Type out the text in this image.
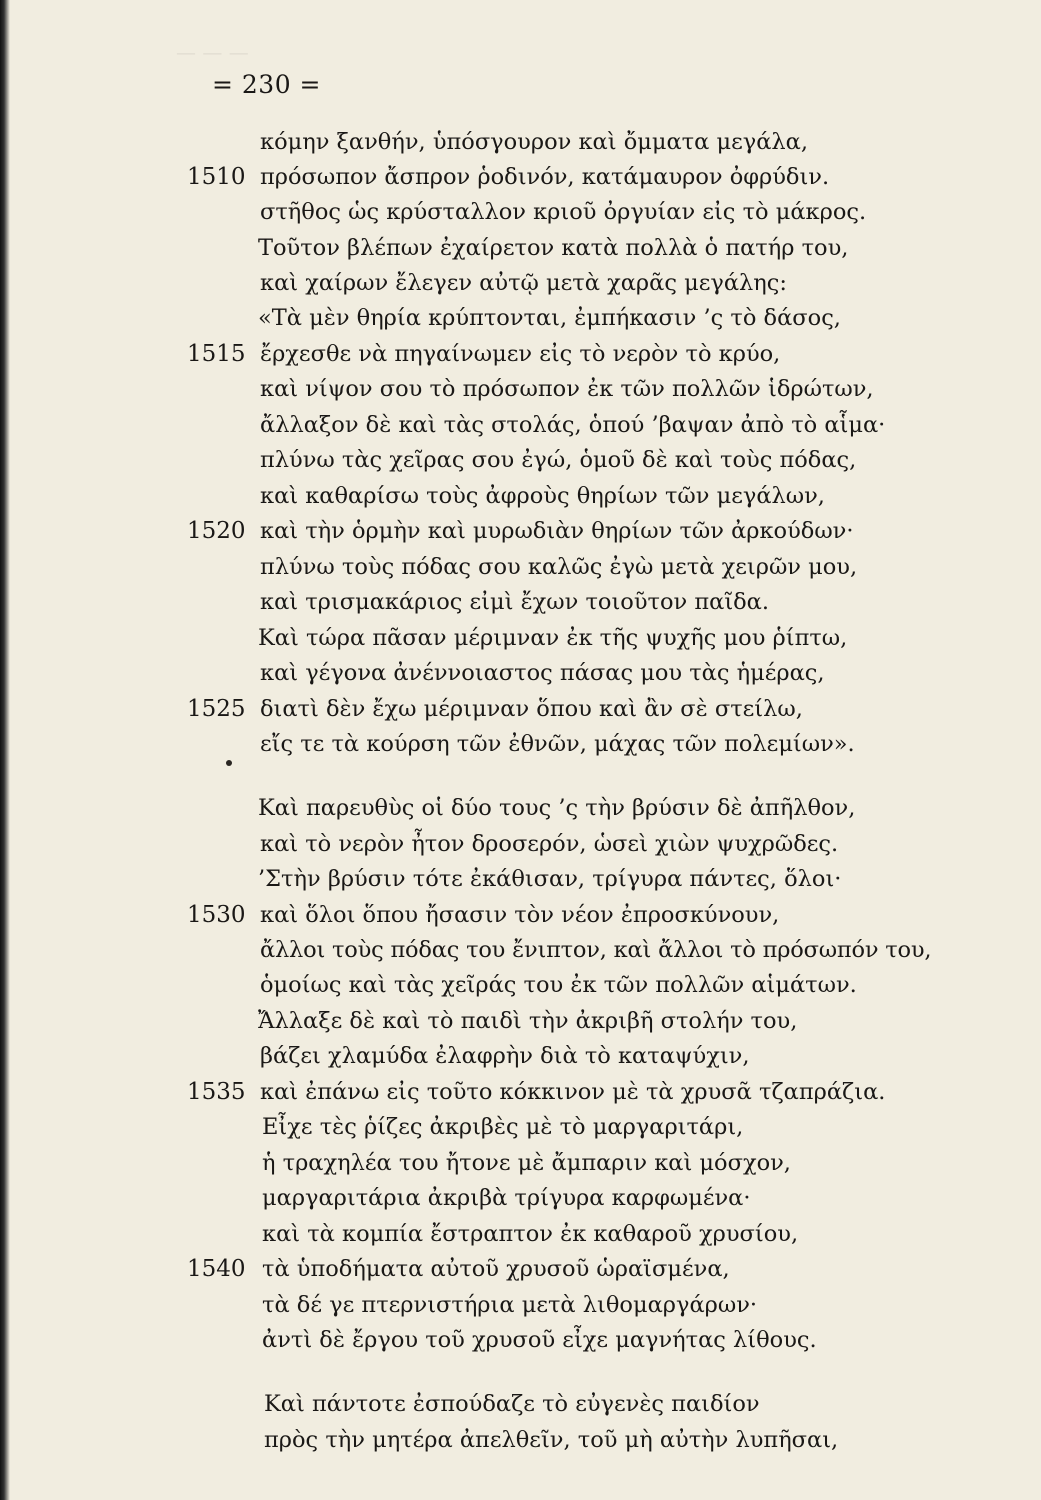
— — —
= 230 =
κόμην ξανθήν, ὑπόσγουρον καὶ ὄμματα μεγάλα,
1510 πρόσωπον ἄσπρον ῥοδινόν, κατάμαυρον ὀφρύδιν.
στῆθος ὡς κρύσταλλον κριοῦ ὀργυίαν εἰς τὸ μάκρος.
Τοῦτον βλέπων ἐχαίρετον κατὰ πολλὰ ὁ πατήρ του,
καὶ χαίρων ἔλεγεν αὐτῷ μετὰ χαρᾶς μεγάλης:
«Τὰ μὲν θηρία κρύπτονται, ἐμπήκασιν ’ς τὸ δάσος,
1515 ἔρχεσθε νὰ πηγαίνωμεν εἰς τὸ νερὸν τὸ κρύο,
καὶ νίψον σου τὸ πρόσωπον ἐκ τῶν πολλῶν ἱδρώτων,
ἄλλαξον δὲ καὶ τὰς στολάς, ὁπού ’βαψαν ἀπὸ τὸ αἷμα·
πλύνω τὰς χεῖρας σου ἐγώ, ὁμοῦ δὲ καὶ τοὺς πόδας,
καὶ καθαρίσω τοὺς ἀφροὺς θηρίων τῶν μεγάλων,
1520 καὶ τὴν ὁρμὴν καὶ μυρωδιὰν θηρίων τῶν ἀρκούδων·
πλύνω τοὺς πόδας σου καλῶς ἐγὼ μετὰ χειρῶν μου,
καὶ τρισμακάριος εἰμὶ ἔχων τοιοῦτον παῖδα.
Καὶ τώρα πᾶσαν μέριμναν ἐκ τῆς ψυχῆς μου ῥίπτω,
καὶ γέγονα ἀνέννοιαστος πάσας μου τὰς ἡμέρας,
1525 διατὶ δὲν ἔχω μέριμναν ὅπου καὶ ἂν σὲ στείλω,
εἴς τε τὰ κούρση τῶν ἐθνῶν, μάχας τῶν πολεμίων».
Καὶ παρευθὺς οἱ δύο τους ’ς τὴν βρύσιν δὲ ἀπῆλθον,
καὶ τὸ νερὸν ἦτον δροσερόν, ὡσεὶ χιὼν ψυχρῶδες.
’Στὴν βρύσιν τότε ἐκάθισαν, τρίγυρα πάντες, ὅλοι·
1530 καὶ ὅλοι ὅπου ἤσασιν τὸν νέον ἐπροσκύνουν,
ἄλλοι τοὺς πόδας του ἔνιπτον, καὶ ἄλλοι τὸ πρόσωπόν του,
ὁμοίως καὶ τὰς χεῖράς του ἐκ τῶν πολλῶν αἱμάτων.
Ἄλλαξε δὲ καὶ τὸ παιδὶ τὴν ἀκριβῆ στολήν του,
βάζει χλαμύδα ἐλαφρὴν διὰ τὸ καταψύχιν,
1535 καὶ ἐπάνω εἰς τοῦτο κόκκινον μὲ τὰ χρυσᾶ τζαπράζια.
Εἶχε τὲς ῥίζες ἀκριβὲς μὲ τὸ μαργαριτάρι,
ἡ τραχηλέα του ἤτονε μὲ ἄμπαριν καὶ μόσχον,
μαργαριτάρια ἀκριβὰ τρίγυρα καρφωμένα·
καὶ τὰ κομπία ἔστραπτον ἐκ καθαροῦ χρυσίου,
1540 τὰ ὑποδήματα αὐτοῦ χρυσοῦ ὡραϊσμένα,
τὰ δέ γε πτερνιστήρια μετὰ λιθομαργάρων·
ἀντὶ δὲ ἔργου τοῦ χρυσοῦ εἶχε μαγνήτας λίθους.
Καὶ πάντοτε ἐσπούδαζε τὸ εὐγενὲς παιδίον
πρὸς τὴν μητέρα ἀπελθεῖν, τοῦ μὴ αὐτὴν λυπῆσαι,
